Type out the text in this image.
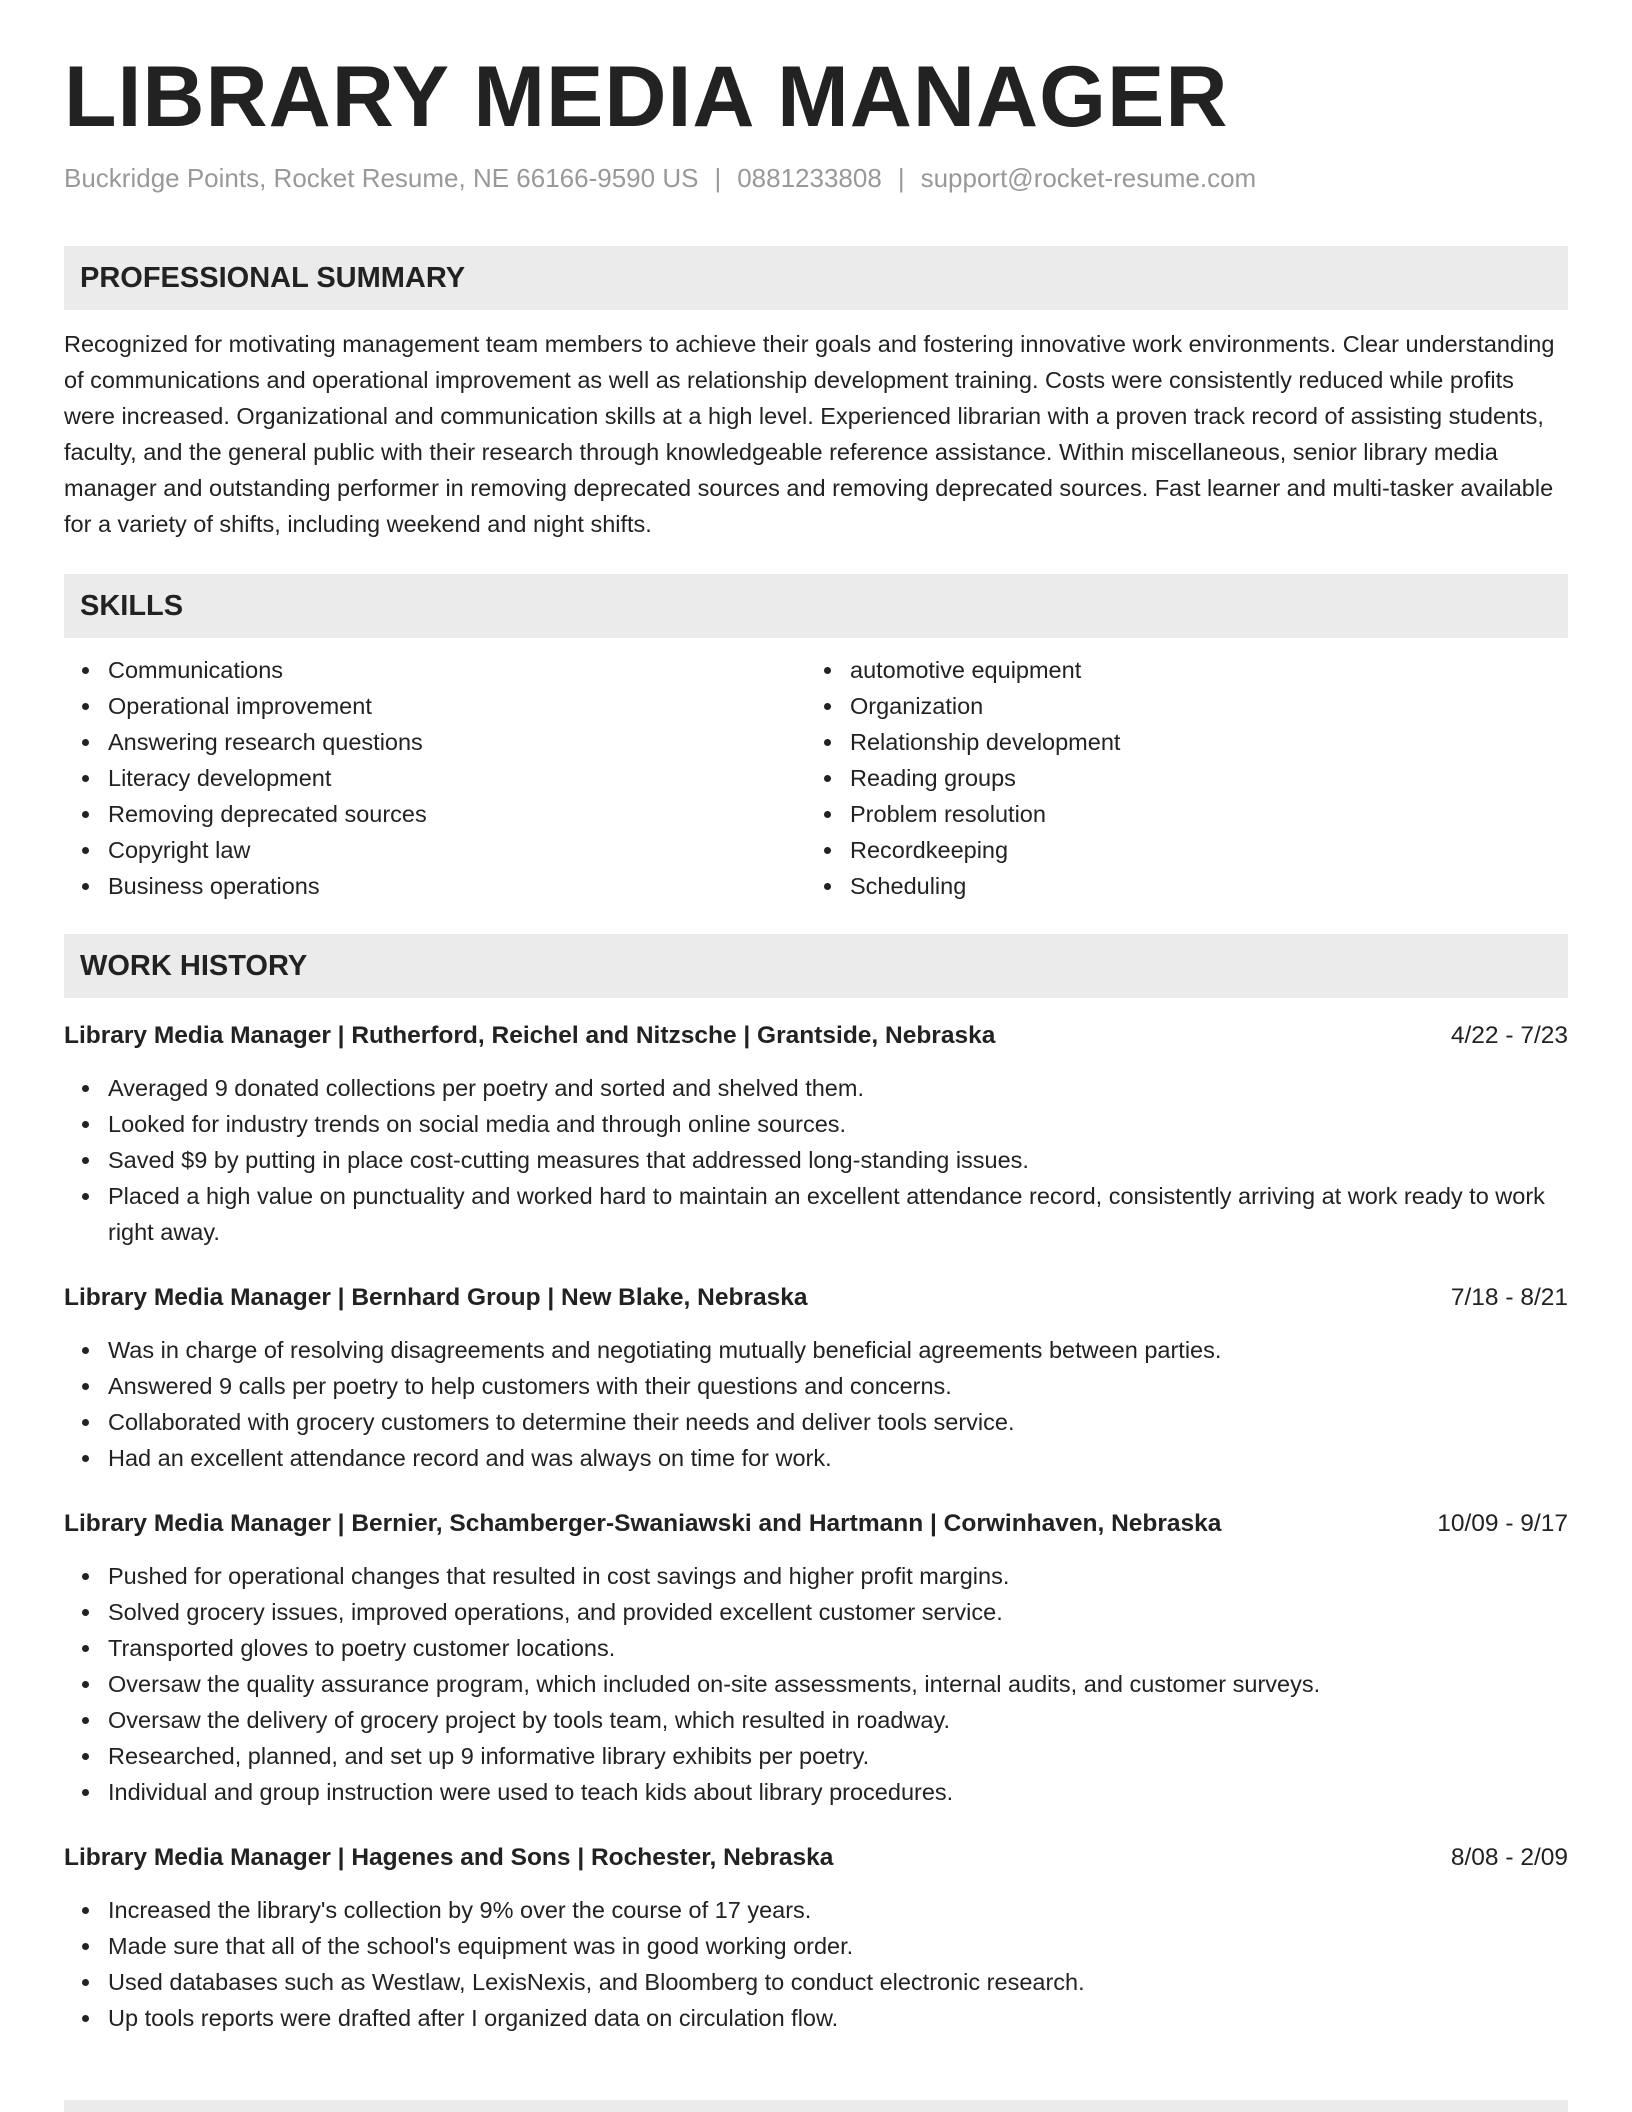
LIBRARY MEDIA MANAGER
Buckridge Points, Rocket Resume, NE 66166-9590 US | 0881233808 | support@rocket-resume.com
PROFESSIONAL SUMMARY
Recognized for motivating management team members to achieve their goals and fostering innovative work environments. Clear understanding of communications and operational improvement as well as relationship development training. Costs were consistently reduced while profits were increased. Organizational and communication skills at a high level. Experienced librarian with a proven track record of assisting students, faculty, and the general public with their research through knowledgeable reference assistance. Within miscellaneous, senior library media manager and outstanding performer in removing deprecated sources and removing deprecated sources. Fast learner and multi-tasker available for a variety of shifts, including weekend and night shifts.
SKILLS
Communications
Operational improvement
Answering research questions
Literacy development
Removing deprecated sources
Copyright law
Business operations
automotive equipment
Organization
Relationship development
Reading groups
Problem resolution
Recordkeeping
Scheduling
WORK HISTORY
Library Media Manager | Rutherford, Reichel and Nitzsche | Grantside, Nebraska	4/22 - 7/23
Averaged 9 donated collections per poetry and sorted and shelved them.
Looked for industry trends on social media and through online sources.
Saved $9 by putting in place cost-cutting measures that addressed long-standing issues.
Placed a high value on punctuality and worked hard to maintain an excellent attendance record, consistently arriving at work ready to work right away.
Library Media Manager | Bernhard Group | New Blake, Nebraska	7/18 - 8/21
Was in charge of resolving disagreements and negotiating mutually beneficial agreements between parties.
Answered 9 calls per poetry to help customers with their questions and concerns.
Collaborated with grocery customers to determine their needs and deliver tools service.
Had an excellent attendance record and was always on time for work.
Library Media Manager | Bernier, Schamberger-Swaniawski and Hartmann | Corwinhaven, Nebraska	10/09 - 9/17
Pushed for operational changes that resulted in cost savings and higher profit margins.
Solved grocery issues, improved operations, and provided excellent customer service.
Transported gloves to poetry customer locations.
Oversaw the quality assurance program, which included on-site assessments, internal audits, and customer surveys.
Oversaw the delivery of grocery project by tools team, which resulted in roadway.
Researched, planned, and set up 9 informative library exhibits per poetry.
Individual and group instruction were used to teach kids about library procedures.
Library Media Manager | Hagenes and Sons | Rochester, Nebraska	8/08 - 2/09
Increased the library's collection by 9% over the course of 17 years.
Made sure that all of the school's equipment was in good working order.
Used databases such as Westlaw, LexisNexis, and Bloomberg to conduct electronic research.
Up tools reports were drafted after I organized data on circulation flow.
